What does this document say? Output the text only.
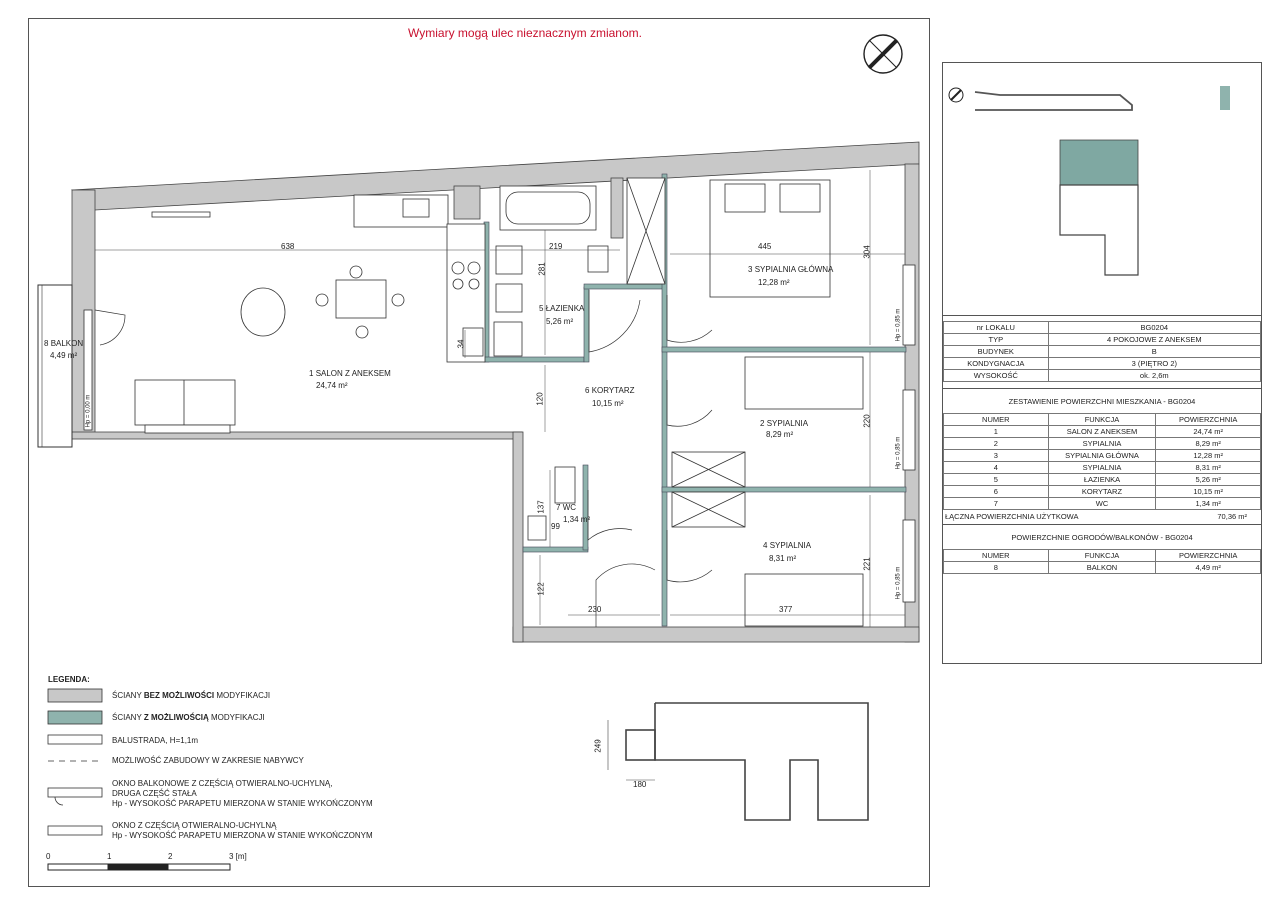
Wymiary mogą ulec nieznacznym zmianom.
1 SALON Z ANEKSEM
24,74 m²
2 SYPIALNIA
8,29 m²
3 SYPIALNIA GŁÓWNA
12,28 m²
4 SYPIALNIA
8,31 m²
5 ŁAZIENKA
5,26 m²
6 KORYTARZ
10,15 m²
7 WC
1,34 m²
8 BALKON
4,49 m²
638	219	445	304
281
34
120
220
137
99
221
122
230	377
249
180
Hp = 0,00 m
Hp = 0,85 m
Hp = 0,85 m
Hp = 0,85 m
LEGENDA:
ŚCIANY BEZ MOŻLIWOŚCI MODYFIKACJI
ŚCIANY Z MOŻLIWOŚCIĄ MODYFIKACJI
BALUSTRADA, H=1,1m
MOŻLIWOŚĆ ZABUDOWY W ZAKRESIE NABYWCY
OKNO BALKONOWE Z CZĘŚCIĄ OTWIERALNO-UCHYLNĄ,
DRUGA CZĘŚĆ STAŁA
Hp - WYSOKOŚĆ PARAPETU MIERZONA W STANIE WYKOŃCZONYM
OKNO Z CZĘŚCIĄ OTWIERALNO-UCHYLNĄ
Hp - WYSOKOŚĆ PARAPETU MIERZONA W STANIE WYKOŃCZONYM
0	1	2	3 [m]
nr LOKALU	BG0204
TYP	4 POKOJOWE Z ANEKSEM
BUDYNEK	B
KONDYGNACJA	3 (PIĘTRO 2)
WYSOKOŚĆ	ok. 2,6m
ZESTAWIENIE POWIERZCHNI MIESZKANIA - BG0204
NUMER	FUNKCJA	POWIERZCHNIA
1	SALON Z ANEKSEM	24,74 m²
2	SYPIALNIA	8,29 m²
3	SYPIALNIA GŁÓWNA	12,28 m²
4	SYPIALNIA	8,31 m²
5	ŁAZIENKA	5,26 m²
6	KORYTARZ	10,15 m²
7	WC	1,34 m²
ŁĄCZNA POWIERZCHNIA UŻYTKOWA	70,36 m²
POWIERZCHNIE OGRODÓW/BALKONÓW - BG0204
NUMER	FUNKCJA	POWIERZCHNIA
8	BALKON	4,49 m²
